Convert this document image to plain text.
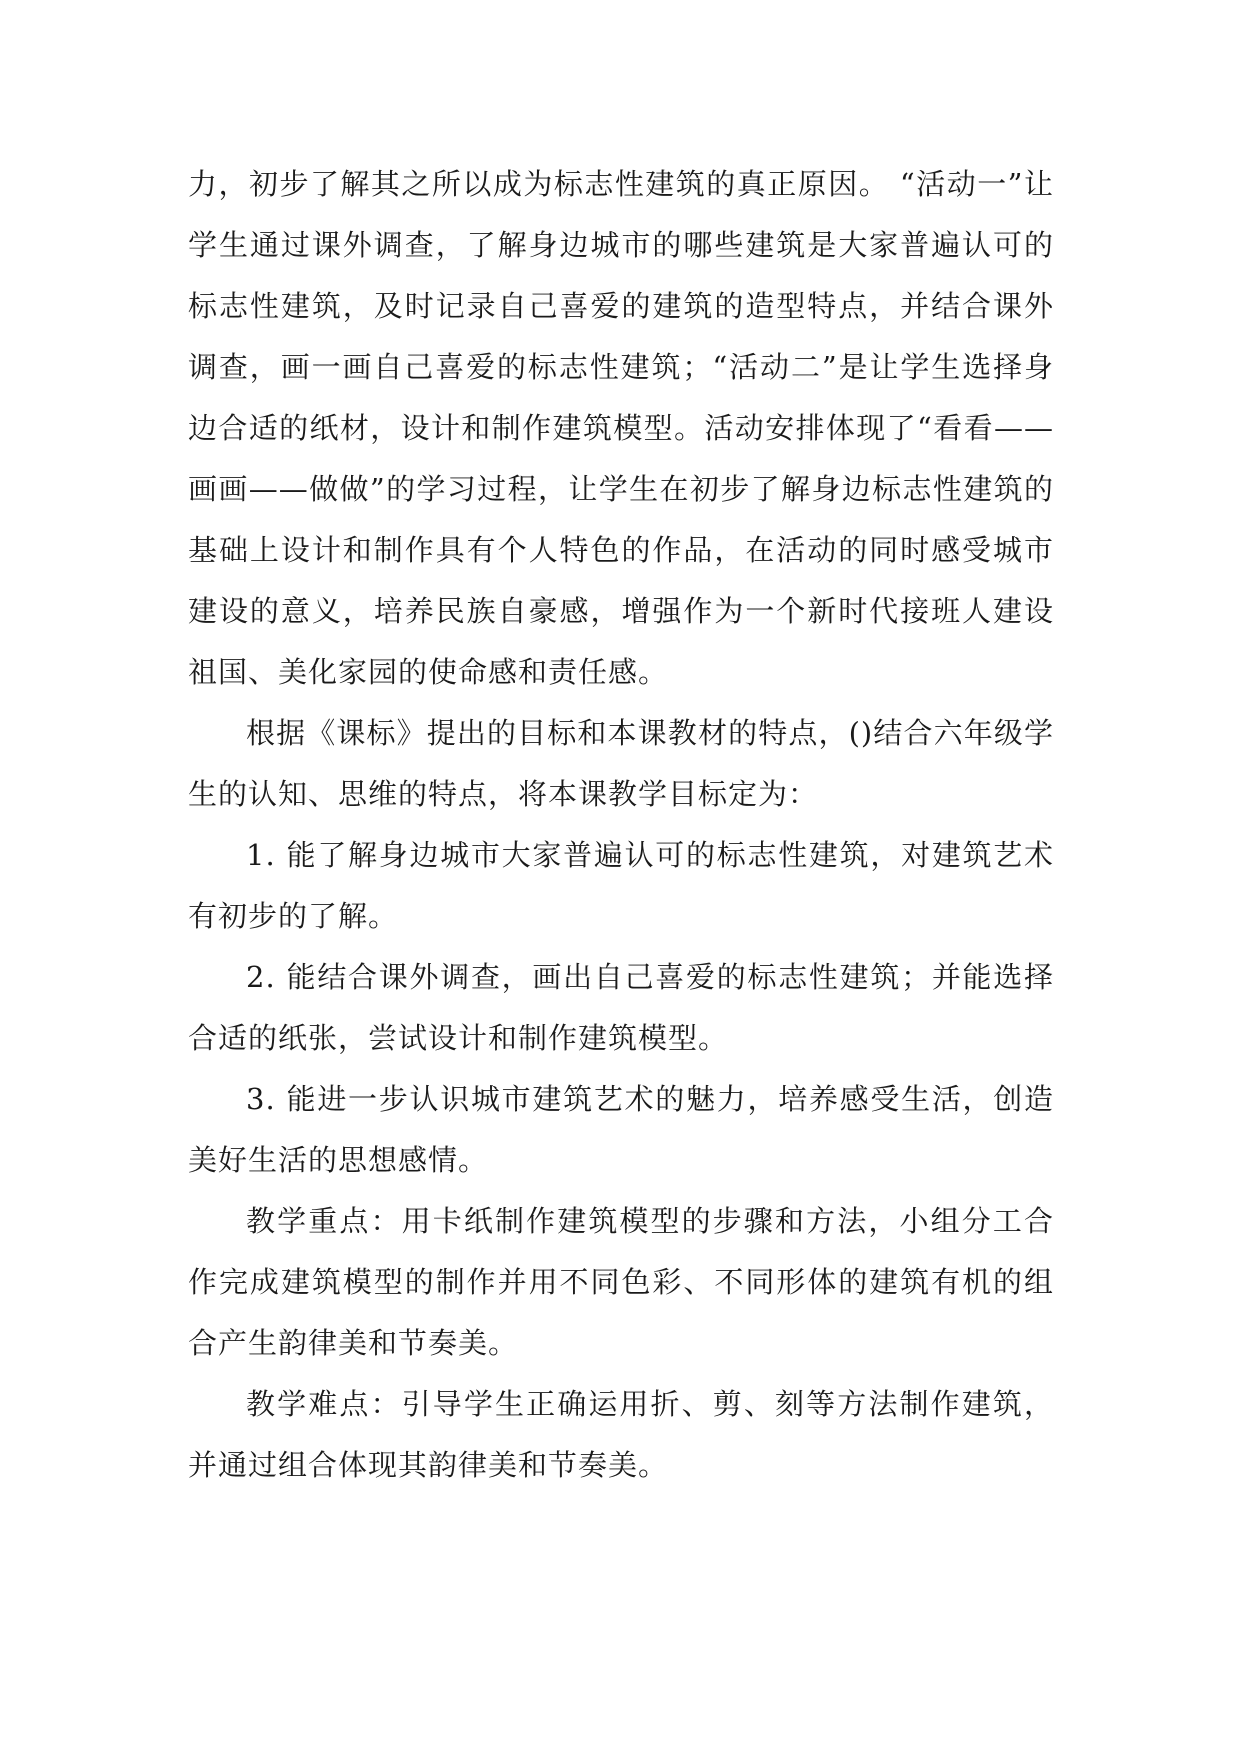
力，初步了解其之所以成为标志性建筑的真正原因。 “活动一”让学生通过课外调查，了解身边城市的哪些建筑是大家普遍认可的标志性建筑，及时记录自己喜爱的建筑的造型特点，并结合课外调查，画一画自己喜爱的标志性建筑；“活动二”是让学生选择身边合适的纸材，设计和制作建筑模型。活动安排体现了“看看——画画——做做”的学习过程，让学生在初步了解身边标志性建筑的基础上设计和制作具有个人特色的作品，在活动的同时感受城市建设的意义，培养民族自豪感，增强作为一个新时代接班人建设祖国、美化家园的使命感和责任感。

根据《课标》提出的目标和本课教材的特点，()结合六年级学生的认知、思维的特点，将本课教学目标定为：

1. 能了解身边城市大家普遍认可的标志性建筑，对建筑艺术有初步的了解。

2. 能结合课外调查，画出自己喜爱的标志性建筑；并能选择合适的纸张，尝试设计和制作建筑模型。

3. 能进一步认识城市建筑艺术的魅力，培养感受生活，创造美好生活的思想感情。

教学重点：用卡纸制作建筑模型的步骤和方法，小组分工合作完成建筑模型的制作并用不同色彩、不同形体的建筑有机的组合产生韵律美和节奏美。

教学难点：引导学生正确运用折、剪、刻等方法制作建筑，并通过组合体现其韵律美和节奏美。
